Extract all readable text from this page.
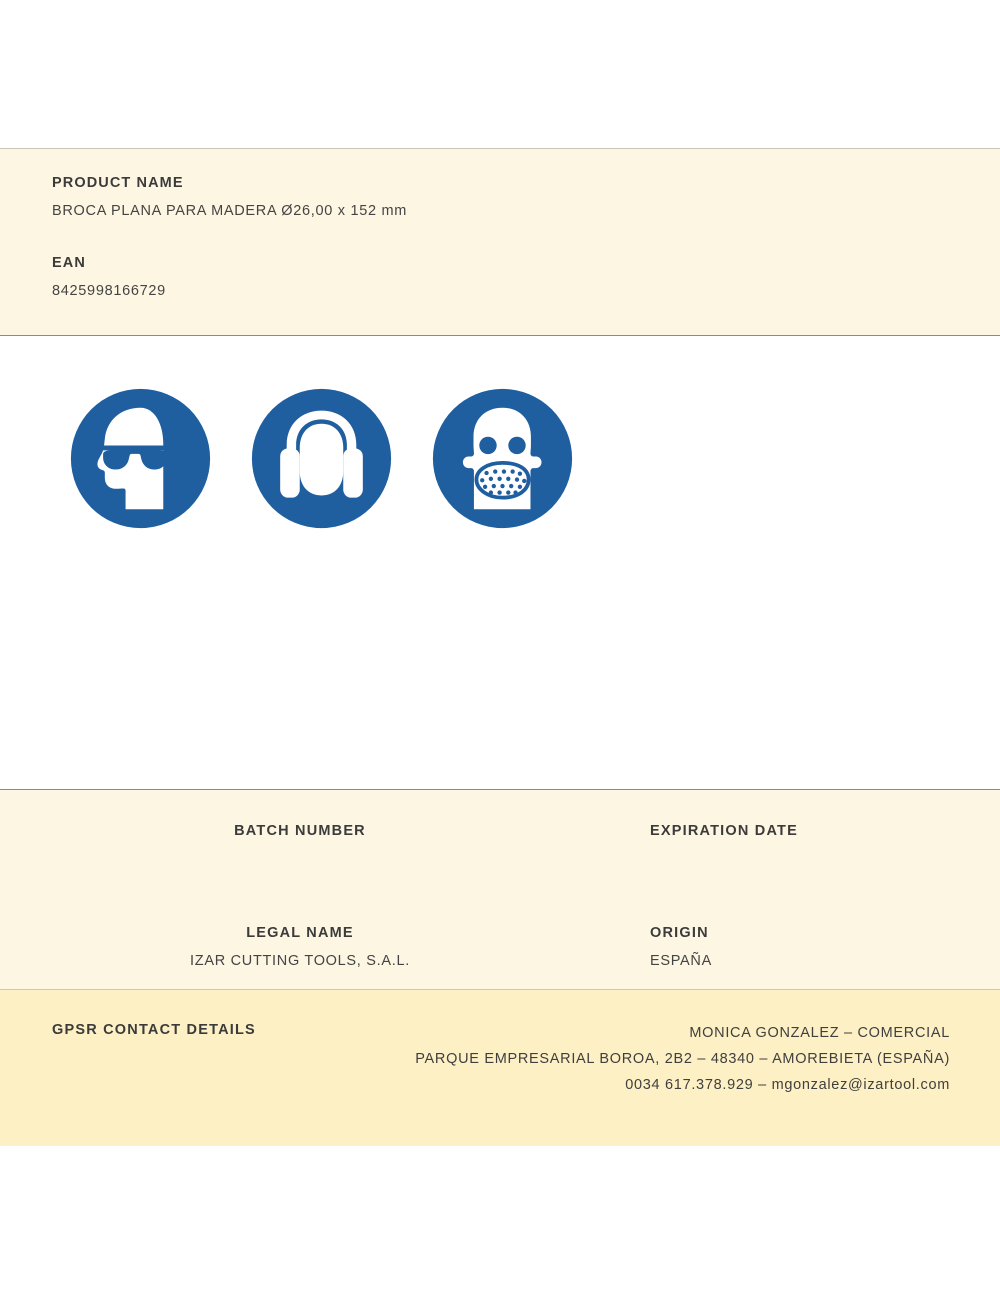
PRODUCT NAME

BROCA PLANA PARA MADERA Ø26,00 x 152 mm

EAN

8425998166729

BATCH NUMBER	EXPIRATION DATE

LEGAL NAME

IZAR CUTTING TOOLS, S.A.L.

ORIGIN

ESPAÑA

GPSR CONTACT DETAILS	MONICA GONZALEZ – COMERCIAL
PARQUE EMPRESARIAL BOROA, 2B2 – 48340 – AMOREBIETA (ESPAÑA)
0034 617.378.929 – mgonzalez@izartool.com
